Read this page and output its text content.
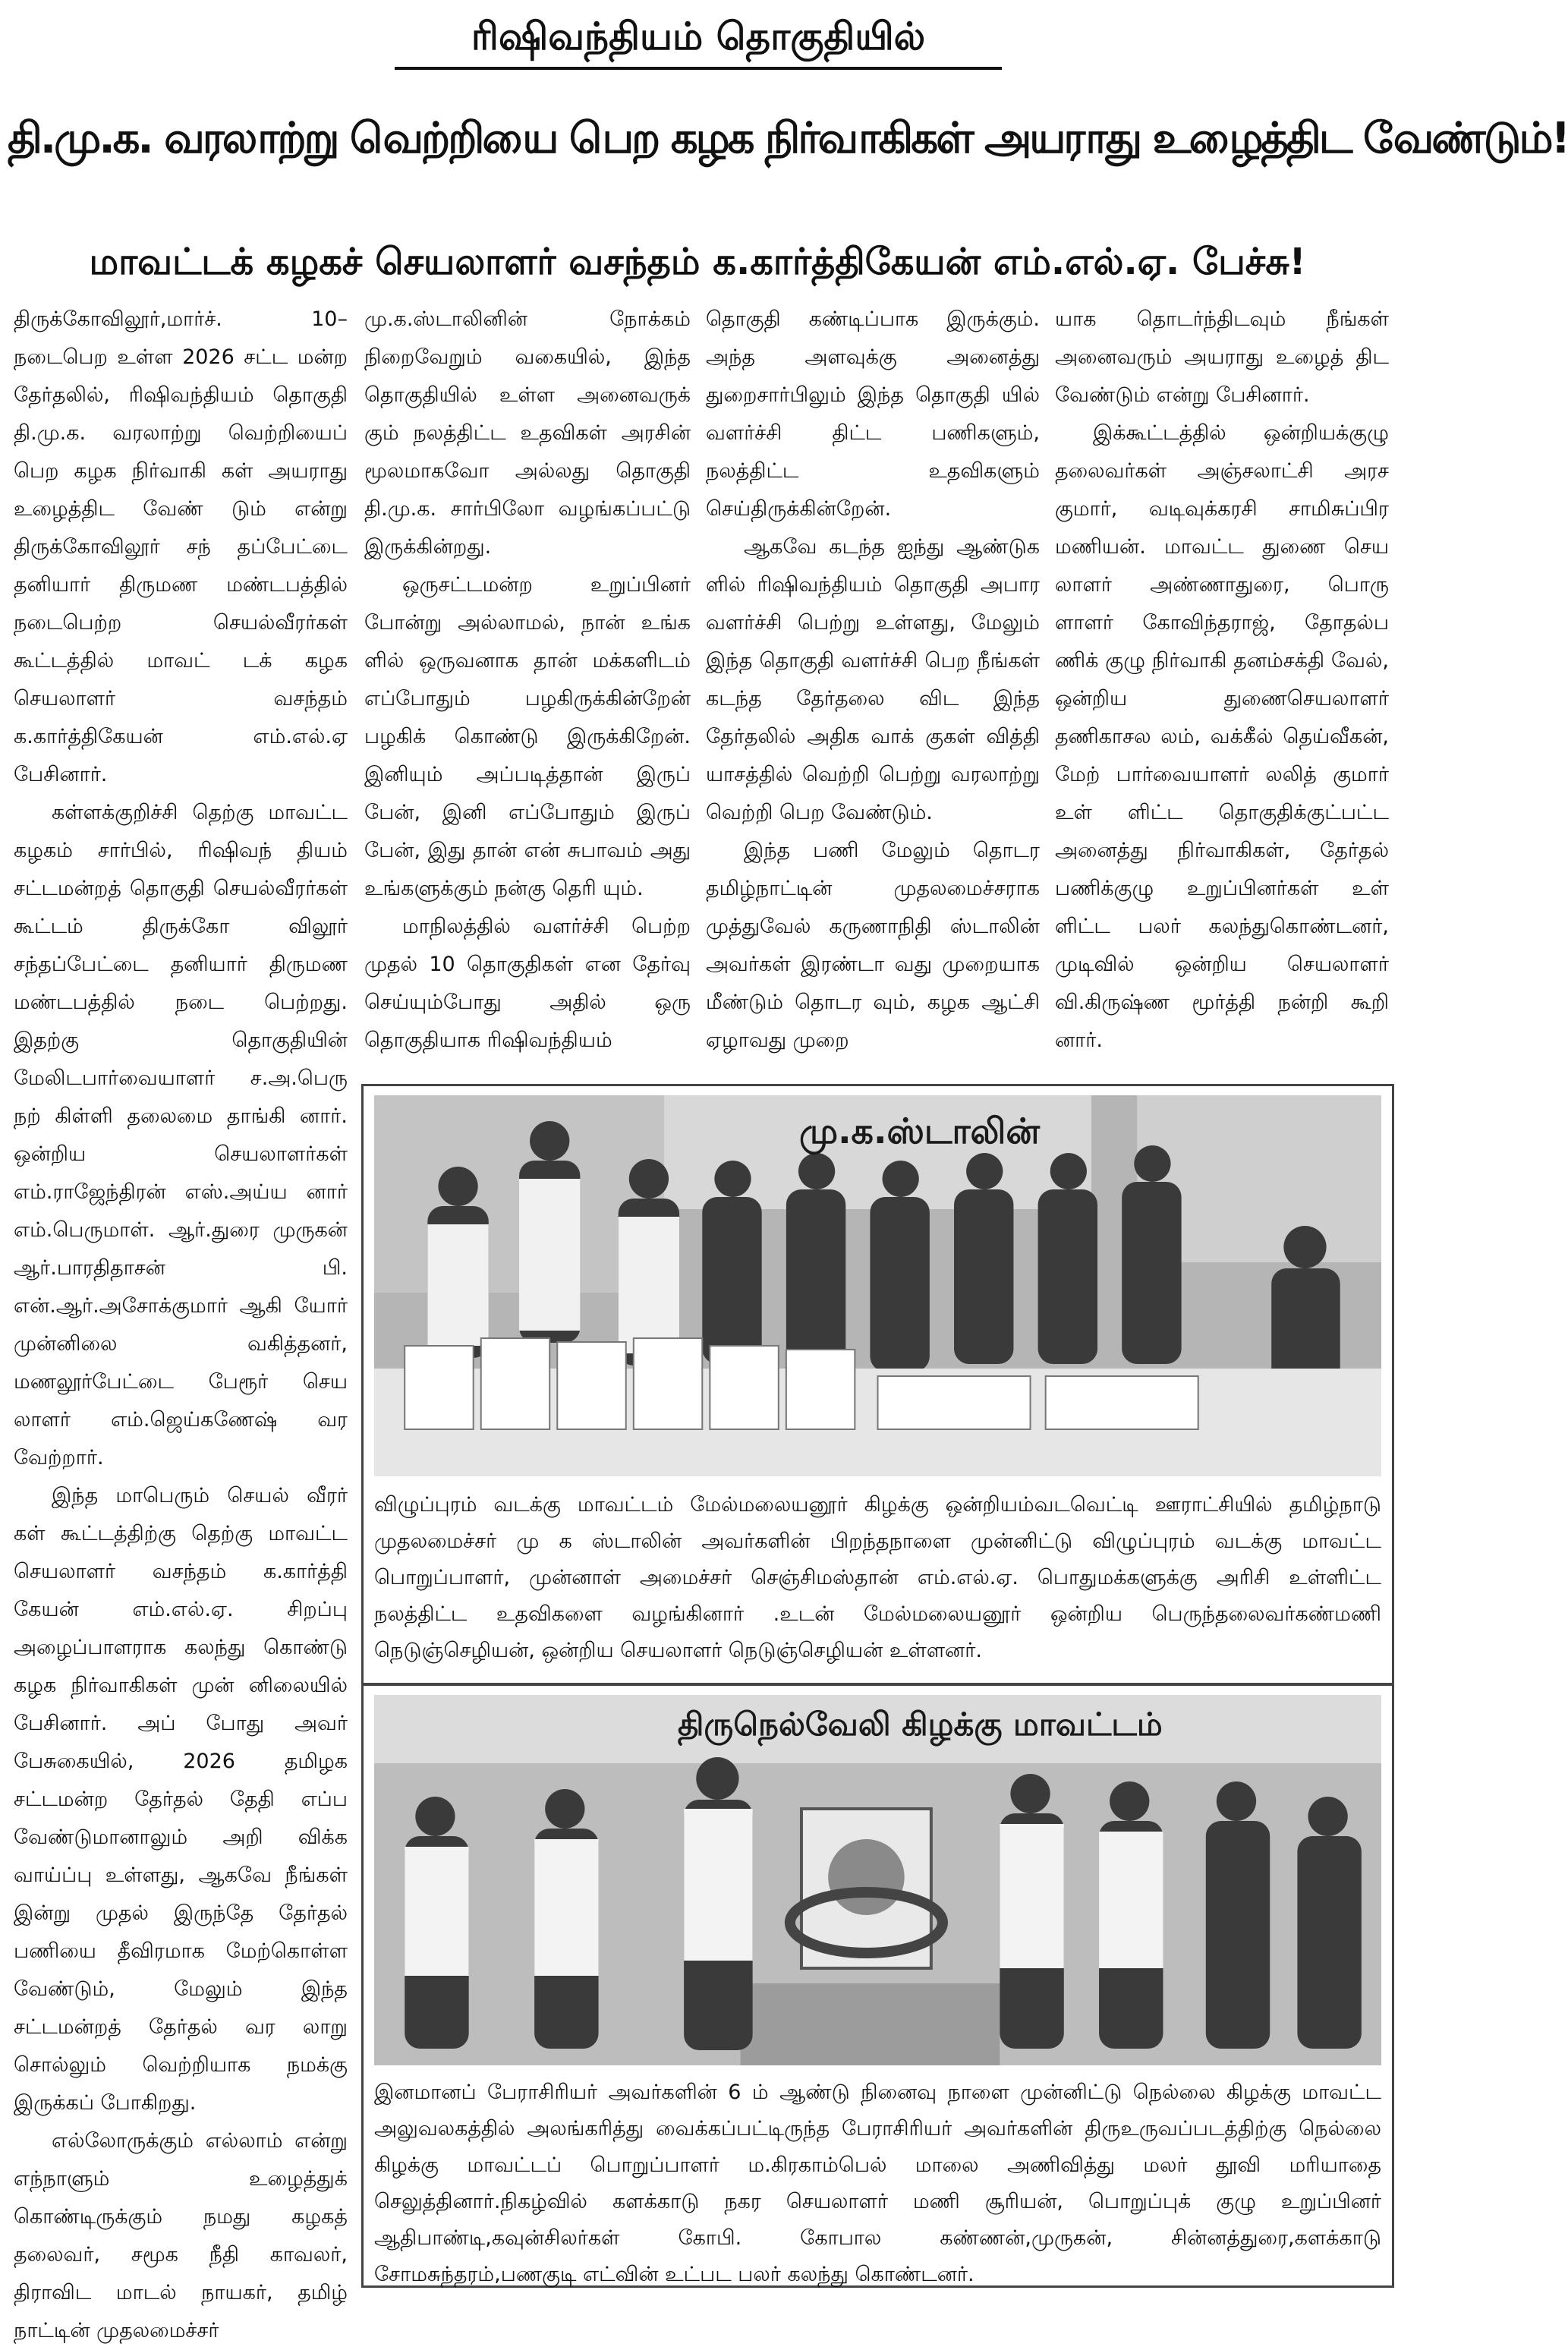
ரிஷிவந்தியம் தொகுதியில்
தி.மு.க. வரலாற்று வெற்றியை பெற கழக நிர்வாகிகள் அயராது உழைத்திட வேண்டும்!
மாவட்டக் கழகச் செயலாளர் வசந்தம் க.கார்த்திகேயன் எம்.எல்.ஏ. பேச்சு!

திருக்கோவிலூர்,மார்ச். 10– நடைபெற உள்ள 2026 சட்ட மன்ற தேர்தலில், ரிஷிவந்தியம் தொகுதி தி.மு.க. வரலாற்று வெற்றியைப் பெற கழக நிர்வாகி கள் அயராது உழைத்திட வேண் டும் என்று திருக்கோவிலூர் சந் தப்பேட்டை தனியார் திருமண மண்டபத்தில் நடைபெற்ற செயல்வீரர்கள் கூட்டத்தில் மாவட் டக் கழக செயலாளர் வசந்தம் க.கார்த்திகேயன் எம்.எல்.ஏ பேசினார்.

கள்ளக்குறிச்சி தெற்கு மாவட்ட கழகம் சார்பில், ரிஷிவந் தியம் சட்டமன்றத் தொகுதி செயல்வீரர்கள் கூட்டம் திருக்கோ விலூர் சந்தப்பேட்டை தனியார் திருமண மண்டபத்தில் நடை பெற்றது. இதற்கு தொகுதியின் மேலிடபார்வையாளர் ச.அ.பெரு நற் கிள்ளி தலைமை தாங்கி னார். ஒன்றிய செயலாளர்கள் எம்.ராஜேந்திரன் எஸ்.அய்ய னார் எம்.பெருமாள். ஆர்.துரை முருகன் ஆர்.பாரதிதாசன் பி. என்.ஆர்.அசோக்குமார் ஆகி யோர் முன்னிலை வகித்தனர், மணலூர்பேட்டை பேரூர் செய லாளர் எம்.ஜெய்கணேஷ் வர வேற்றார்.

இந்த மாபெரும் செயல் வீரர் கள் கூட்டத்திற்கு தெற்கு மாவட்ட செயலாளர் வசந்தம் க.கார்த்தி கேயன் எம்.எல்.ஏ. சிறப்பு அழைப்பாளராக கலந்து கொண்டு கழக நிர்வாகிகள் முன் னிலையில் பேசினார். அப் போது அவர் பேசுகையில், 2026 தமிழக சட்டமன்ற தேர்தல் தேதி எப்ப வேண்டுமானாலும் அறி விக்க வாய்ப்பு உள்ளது, ஆகவே நீங்கள் இன்று முதல் இருந்தே தேர்தல் பணியை தீவிரமாக மேற்கொள்ள வேண்டும், மேலும் இந்த சட்டமன்றத் தேர்தல் வர லாறு சொல்லும் வெற்றியாக நமக்கு இருக்கப் போகிறது.

எல்லோருக்கும் எல்லாம் என்று எந்நாளும் உழைத்துக் கொண்டிருக்கும் நமது கழகத் தலைவர், சமூக நீதி காவலர், திராவிட மாடல் நாயகர், தமிழ் நாட்டின் முதலமைச்சர்

மு.க.ஸ்டாலினின் நோக்கம் நிறைவேறும் வகையில், இந்த தொகுதியில் உள்ள அனைவருக் கும் நலத்திட்ட உதவிகள் அரசின் மூலமாகவோ அல்லது தொகுதி தி.மு.க. சார்பிலோ வழங்கப்பட்டு இருக்கின்றது.

ஒருசட்டமன்ற உறுப்பினர் போன்று அல்லாமல், நான் உங்க ளில் ஒருவனாக தான் மக்களிடம் எப்போதும் பழகிருக்கின்றேன் பழகிக் கொண்டு இருக்கிறேன். இனியும் அப்படித்தான் இருப் பேன், இனி எப்போதும் இருப் பேன், இது தான் என் சுபாவம் அது உங்களுக்கும் நன்கு தெரி யும்.

மாநிலத்தில் வளர்ச்சி பெற்ற முதல் 10 தொகுதிகள் என தேர்வு செய்யும்போது அதில் ஒரு தொகுதியாக ரிஷிவந்தியம்

தொகுதி கண்டிப்பாக இருக்கும். அந்த அளவுக்கு அனைத்து துறைசார்பிலும் இந்த தொகுதி யில் வளர்ச்சி திட்ட பணிகளும், நலத்திட்ட உதவிகளும் செய்திருக்கின்றேன்.

ஆகவே கடந்த ஐந்து ஆண்டுக ளில் ரிஷிவந்தியம் தொகுதி அபார வளர்ச்சி பெற்று உள்ளது, மேலும் இந்த தொகுதி வளர்ச்சி பெற நீங்கள் கடந்த தேர்தலை விட இந்த தேர்தலில் அதிக வாக் குகள் வித்தி யாசத்தில் வெற்றி பெற்று வரலாற்று வெற்றி பெற வேண்டும்.

இந்த பணி மேலும் தொடர தமிழ்நாட்டின் முதலமைச்சராக முத்துவேல் கருணாநிதி ஸ்டாலின் அவர்கள் இரண்டா வது முறையாக மீண்டும் தொடர வும், கழக ஆட்சி ஏழாவது முறை

யாக தொடர்ந்திடவும் நீங்கள் அனைவரும் அயராது உழைத் திட வேண்டும் என்று பேசினார்.

இக்கூட்டத்தில் ஒன்றியக்குழு தலைவர்கள் அஞ்சலாட்சி அரச குமார், வடிவுக்கரசி சாமிசுப்பிர மணியன். மாவட்ட துணை செய லாளர் அண்ணாதுரை, பொரு ளாளர் கோவிந்தராஜ், தோதல்ப ணிக் குழு நிர்வாகி தனம்சக்தி வேல், ஒன்றிய துணைசெயலாளர் தணிகாசல லம், வக்கீல் தெய்வீகன், மேற் பார்வையாளர் லலித் குமார் உள் ளிட்ட தொகுதிக்குட்பட்ட அனைத்து நிர்வாகிகள், தேர்தல் பணிக்குழு உறுப்பினர்கள் உள் ளிட்ட பலர் கலந்துகொண்டனர், முடிவில் ஒன்றிய செயலாளர் வி.கிருஷ்ண மூர்த்தி நன்றி கூறி னார்.

மு.க.ஸ்டாலின்
விழுப்புரம் வடக்கு மாவட்டம் மேல்மலையனூர் கிழக்கு ஒன்றியம்வடவெட்டி ஊராட்சியில் தமிழ்நாடு முதலமைச்சர் மு க ஸ்டாலின் அவர்களின் பிறந்தநாளை முன்னிட்டு விழுப்புரம் வடக்கு மாவட்ட பொறுப்பாளர், முன்னாள் அமைச்சர் செஞ்சிமஸ்தான் எம்.எல்.ஏ. பொதுமக்களுக்கு அரிசி உள்ளிட்ட நலத்திட்ட உதவிகளை வழங்கினார் .உடன் மேல்மலையனூர் ஒன்றிய பெருந்தலைவர்கண்மணி நெடுஞ்செழியன், ஒன்றிய செயலாளர் நெடுஞ்செழியன் உள்ளனர்.
திருநெல்வேலி கிழக்கு மாவட்டம்
இனமானப் பேராசிரியர் அவர்களின் 6 ம் ஆண்டு நினைவு நாளை முன்னிட்டு நெல்லை கிழக்கு மாவட்ட அலுவலகத்தில் அலங்கரித்து வைக்கப்பட்டிருந்த பேராசிரியர் அவர்களின் திருஉருவப்படத்திற்கு நெல்லை கிழக்கு மாவட்டப் பொறுப்பாளர் ம.கிரகாம்பெல் மாலை அணிவித்து மலர் தூவி மரியாதை செலுத்தினார்.நிகழ்வில் களக்காடு நகர செயலாளர் மணி சூரியன், பொறுப்புக் குழு உறுப்பினர் ஆதிபாண்டி,கவுன்சிலர்கள் கோபி. கோபால கண்ணன்,முருகன், சின்னத்துரை,களக்காடு சோமசுந்தரம்,பணகுடி எட்வின் உட்பட பலர் கலந்து கொண்டனர்.
